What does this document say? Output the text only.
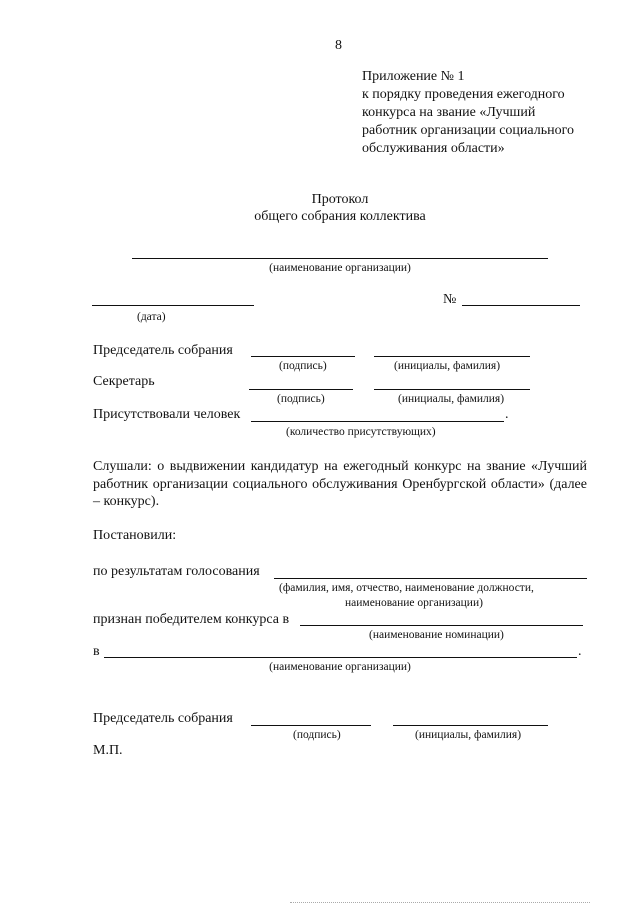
8
Приложение № 1
к порядку проведения ежегодного
конкурса на звание «Лучший
работник организации социального
обслуживания области»
Протокол
общего собрания коллектива
(наименование организации)
(дата)
№
Председатель собрания
(подпись)	(инициалы, фамилия)
Секретарь
(подпись)	(инициалы, фамилия)
Присутствовали человек	.
(количество присутствующих)
Слушали: о выдвижении кандидатур на ежегодный конкурс на звание «Лучший работник организации социального обслуживания Оренбургской области» (далее – конкурс).
Постановили:
по результатам голосования
(фамилия, имя, отчество, наименование должности,
наименование организации)
признан победителем конкурса в
(наименование номинации)
в	.
(наименование организации)
Председатель собрания
(подпись)	(инициалы, фамилия)
М.П.
